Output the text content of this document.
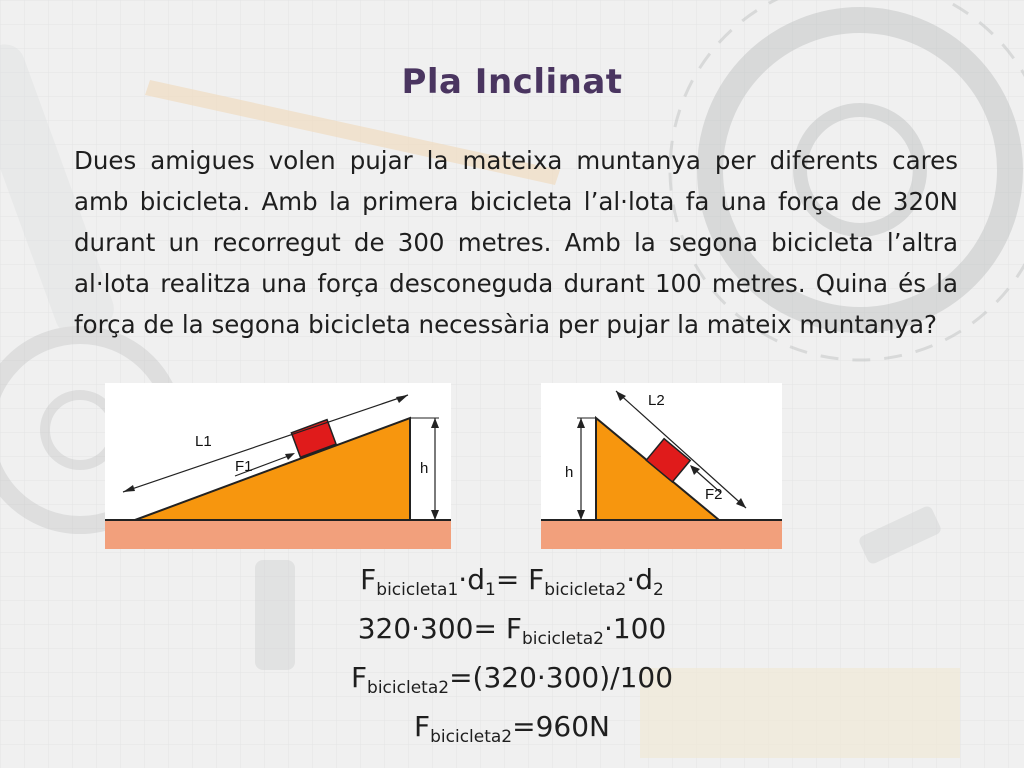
Pla Inclinat
Dues amigues volen pujar la mateixa muntanya per diferents cares amb bicicleta. Amb la primera bicicleta l’al·lota fa una força de 320N durant un recorregut de 300 metres. Amb la segona bicicleta l’altra al·lota realitza una força desconeguda durant 100 metres. Quina és la força de la segona bicicleta necessària per pujar la mateix muntanya?
L1
F1	h
L2
F2
h
$F_{bicicleta1}\cdot d_1= F_{bicicleta2}\cdot d_2$
$320\cdot 300= F_{bicicleta2}\cdot 100$
$F_{bicicleta2}=(320\cdot 300)/100$
$F_{bicicleta2}=960N$
